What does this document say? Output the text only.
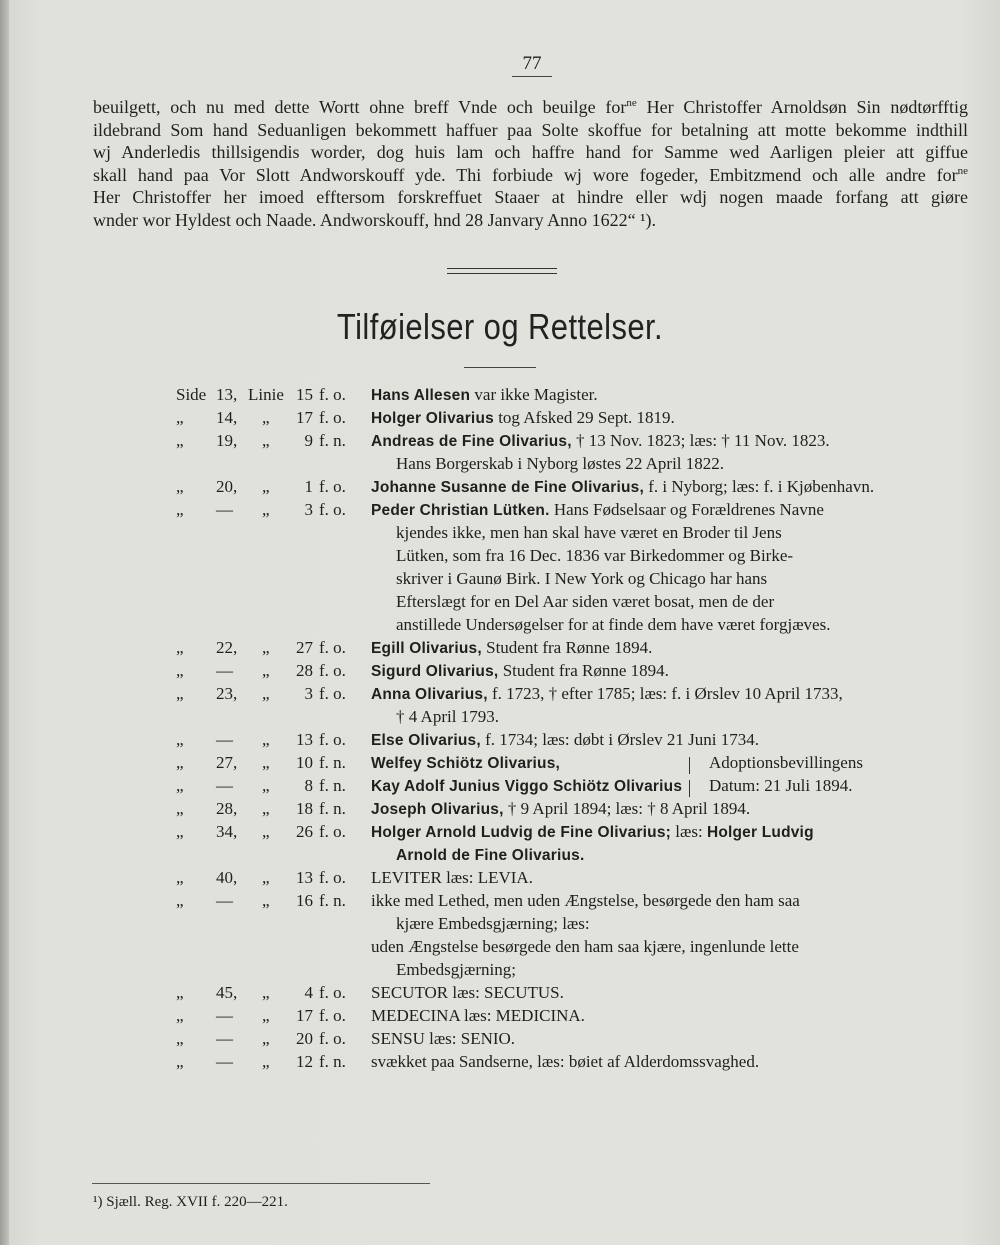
77
beuilgett, och nu med dette Wortt ohne breff Vnde och beuilge for$^{ne}$ Her Christoffer Arnoldsøn Sin nødtørfftig
ildebrand Som hand Seduanligen bekommett haffuer paa Solte skoffue for betalning att motte bekomme indthill
wj Anderledis thillsigendis worder, dog huis lam och haffre hand for Samme wed Aarligen pleier att giffue
skall hand paa Vor Slott Andworskouff yde. Thi forbiude wj wore fogeder, Embitzmend och alle andre for$^{ne}$
Her Christoffer her imoed efftersom forskreffuet Staaer at hindre eller wdj nogen maade forfang att giøre
wnder wor Hyldest och Naade. Andworskouff, hnd 28 Janvary Anno 1622“ ¹).
Tilføielser og Rettelser.
Side 13, Linie 15 f. o. Hans Allesen var ikke Magister.
„ 14, „ 17 f. o. Holger Olivarius tog Afsked 29 Sept. 1819.
„ 19, „	9 f. n. Andreas de Fine Olivarius, † 13 Nov. 1823; læs: † 11 Nov. 1823.
Hans Borgerskab i Nyborg løstes 22 April 1822.
„ 20, „	1 f. o. Johanne Susanne de Fine Olivarius, f. i Nyborg; læs: f. i Kjøbenhavn.
„ — „	3 f. o. Peder Christian Lütken. Hans Fødselsaar og Forældrenes Navne
kjendes ikke, men han skal have været en Broder til Jens
Lütken, som fra 16 Dec. 1836 var Birkedommer og Birke-
skriver i Gaunø Birk. I New York og Chicago har hans
Efterslægt for en Del Aar siden været bosat, men de der
anstillede Undersøgelser for at finde dem have været forgjæves.
„ 22, „ 27 f. o. Egill Olivarius, Student fra Rønne 1894.
„ — „ 28 f. o. Sigurd Olivarius, Student fra Rønne 1894.
„ 23, „	3 f. o. Anna Olivarius, f. 1723, † efter 1785; læs: f. i Ørslev 10 April 1733,
† 4 April 1793.
„ — „ 13 f. o. Else Olivarius, f. 1734; læs: døbt i Ørslev 21 Juni 1734.
„ 27, „ 10 f. n. Welfey Schiötz Olivarius,	Adoptionsbevillingens
„ — „	8 f. n. Kay Adolf Junius Viggo Schiötz Olivarius Datum: 21 Juli 1894.
„ 28, „ 18 f. n. Joseph Olivarius, † 9 April 1894; læs: † 8 April 1894.
„ 34, „ 26 f. o. Holger Arnold Ludvig de Fine Olivarius; læs: Holger Ludvig
Arnold de Fine Olivarius.
„ 40, „ 13 f. o. LEVITER læs: LEVIA.
„ — „ 16 f. n. ikke med Lethed, men uden Ængstelse, besørgede den ham saa
kjære Embedsgjærning; læs:
uden Ængstelse besørgede den ham saa kjære, ingenlunde lette
Embedsgjærning;
„ 45, „	4 f. o. SECUTOR læs: SECUTUS.
„ — „ 17 f. o. MEDECINA læs: MEDICINA.
„ — „ 20 f. o. SENSU læs: SENIO.
„ — „ 12 f. n. svækket paa Sandserne, læs: bøiet af Alderdomssvaghed.
¹) Sjæll. Reg. XVII f. 220—221.
